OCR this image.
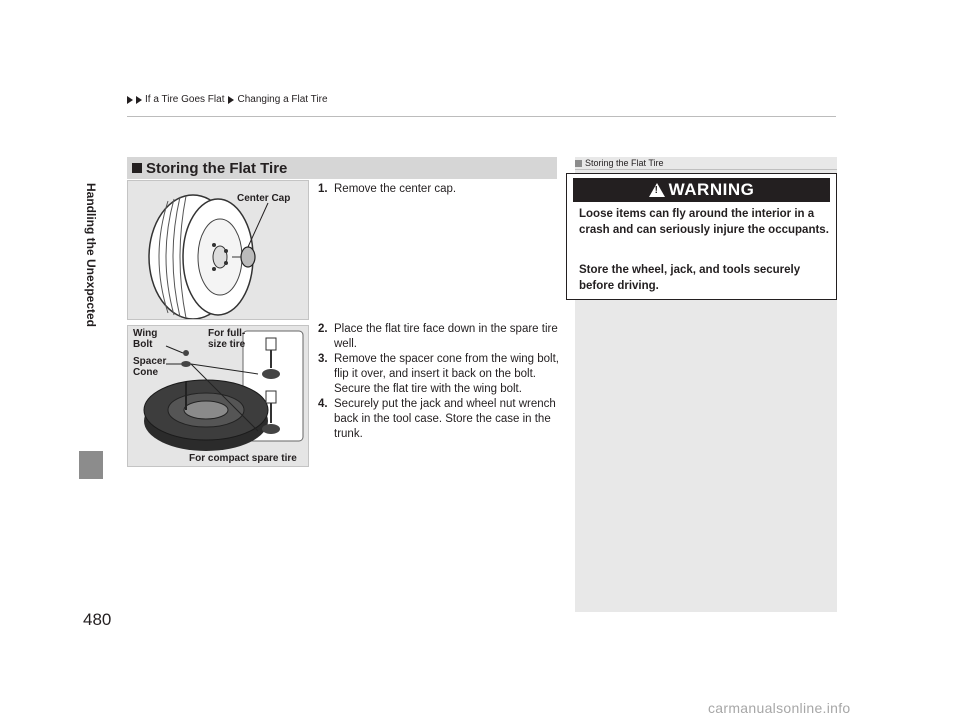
If a Tire Goes Flat Changing a Flat Tire
Handling the Unexpected
480
Storing the Flat Tire
Center Cap
Wing
Bolt
Spacer
Cone
For full-
size tire
For compact spare tire
1. Remove the center cap.
2. Place the flat tire face down in the spare tire well.
3. Remove the spacer cone from the wing bolt, flip it over, and insert it back on the bolt. Secure the flat tire with the wing bolt.
4. Securely put the jack and wheel nut wrench back in the tool case. Store the case in the trunk.
Storing the Flat Tire
!
WARNING
Loose items can fly around the interior in a crash and can seriously injure the occupants.
Store the wheel, jack, and tools securely before driving.
carmanualsonline.info
